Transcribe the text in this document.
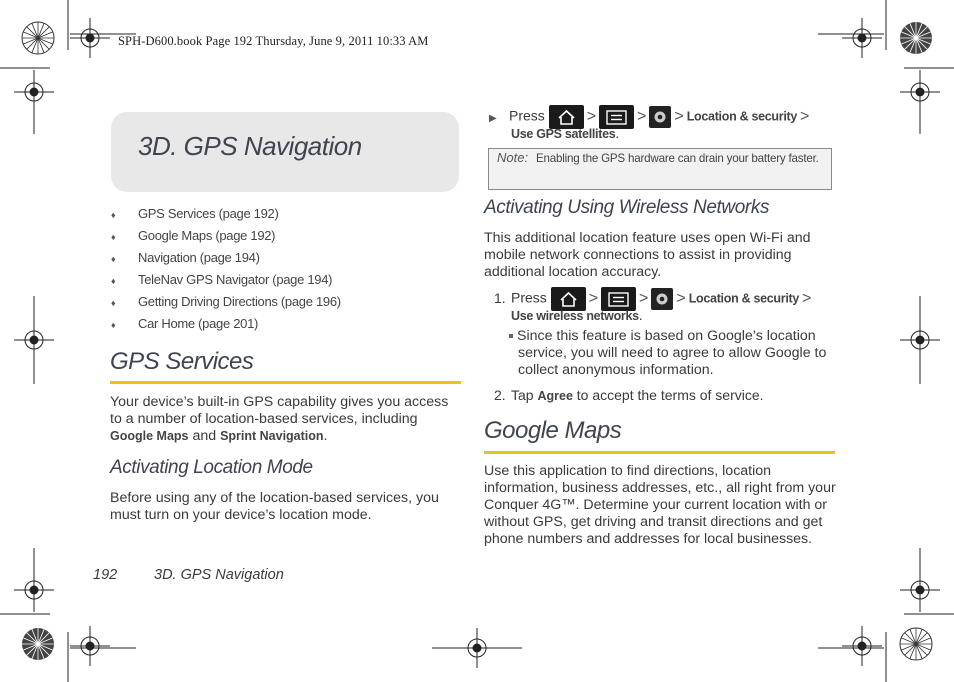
SPH-D600.book Page 192 Thursday, June 9, 2011 10:33 AM
3D. GPS Navigation
♦ GPS Services (page 192)
♦ Google Maps (page 192)
♦ Navigation (page 194)
♦ TeleNav GPS Navigator (page 194)
♦ Getting Driving Directions (page 196)
♦ Car Home (page 201)
GPS Services
Your device’s built-in GPS capability gives you access
to a number of location-based services, including
Google Maps and Sprint Navigation.
Activating Location Mode
Before using any of the location-based services, you
must turn on your device’s location mode.
192	3D. GPS Navigation
▶ Press	>	> > Location & security >
Use GPS satellites.
Note: Enabling the GPS hardware can drain your battery faster.
Activating Using Wireless Networks
This additional location feature uses open Wi-Fi and
mobile network connections to assist in providing
additional location accuracy.
1. Press	>	> > Location & security >
Use wireless networks.
Since this feature is based on Google’s location
service, you will need to agree to allow Google to
collect anonymous information.
2. Tap Agree to accept the terms of service.
Google Maps
Use this application to find directions, location
information, business addresses, etc., all right from your
Conquer 4G™. Determine your current location with or
without GPS, get driving and transit directions and get
phone numbers and addresses for local businesses.
